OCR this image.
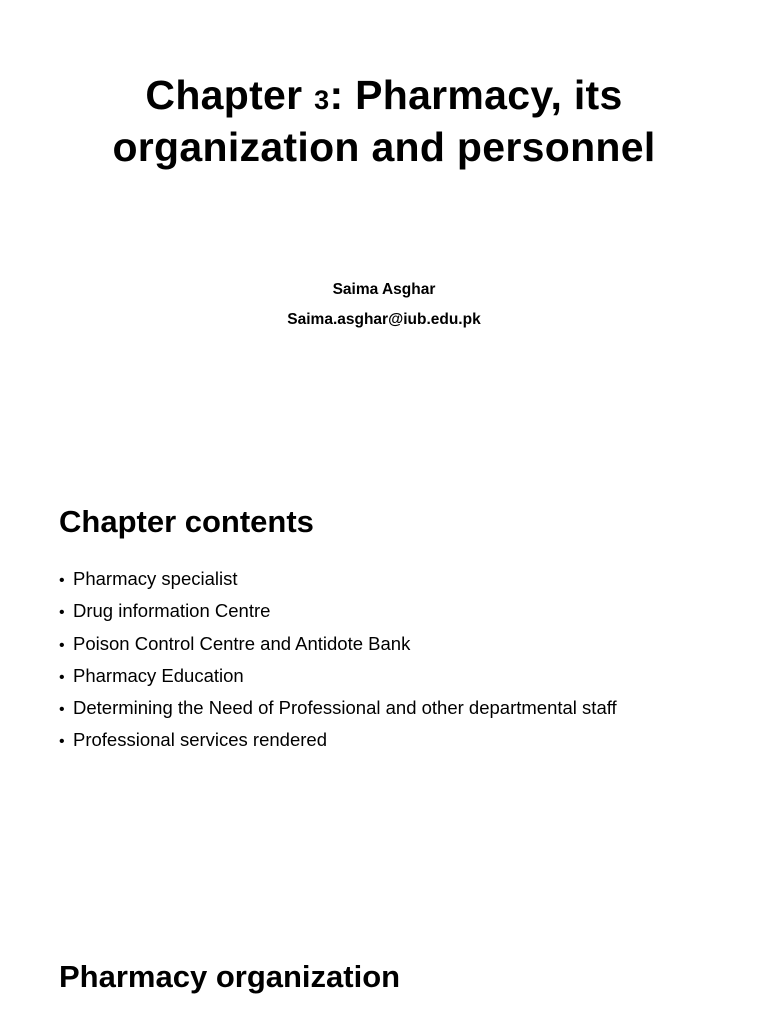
Chapter 3: Pharmacy, its organization and personnel
Saima Asghar
Saima.asghar@iub.edu.pk
Chapter contents
• Pharmacy specialist
• Drug information Centre
• Poison Control Centre and Antidote Bank
• Pharmacy Education
• Determining the Need of Professional and other departmental staff
• Professional services rendered
Pharmacy organization
